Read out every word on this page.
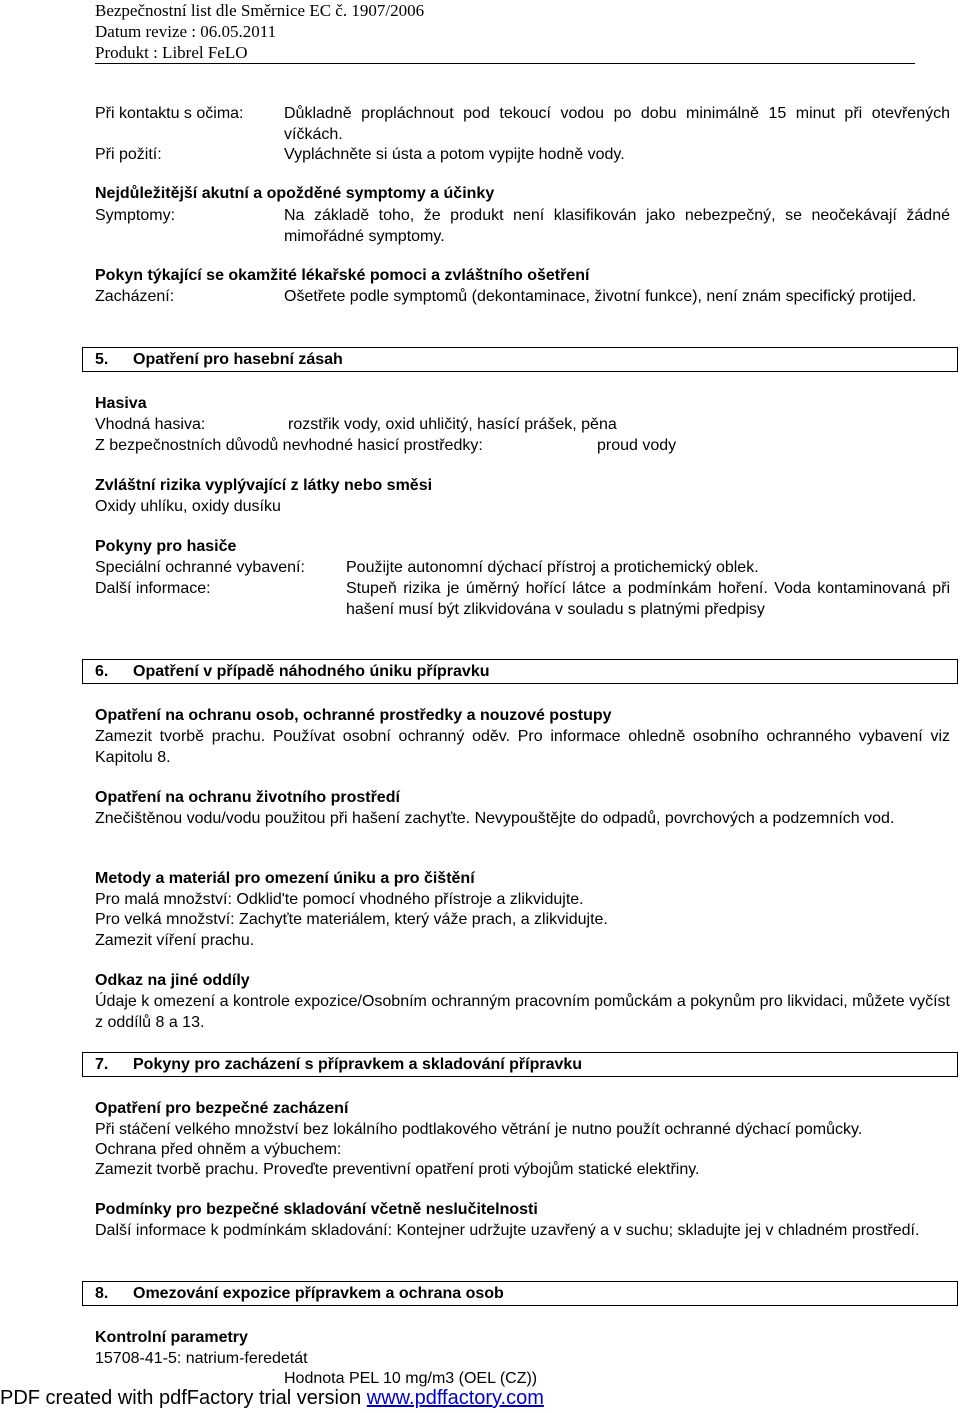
Bezpečnostní list dle Směrnice EC č. 1907/2006
Datum revize : 06.05.2011
Produkt : Librel FeLO
Při kontaktu s očima:	Důkladně propláchnout pod tekoucí vodou po dobu minimálně 15 minut při otevřených víčkách.
Při požití:	Vypláchněte si ústa a potom vypijte hodně vody.
Nejdůležitější akutní a opožděné symptomy a účinky
Symptomy:	Na základě toho, že produkt není klasifikován jako nebezpečný, se neočekávají žádné mimořádné symptomy.
Pokyn týkající se okamžité lékařské pomoci a zvláštního ošetření
Zacházení:	Ošetřete podle symptomů (dekontaminace, životní funkce), není znám specifický protijed.
5. Opatření pro hasební zásah
Hasiva
Vhodná hasiva:	rozstřik vody, oxid uhličitý, hasící prášek, pěna
Z bezpečnostních důvodů nevhodné hasicí prostředky:	proud vody
Zvláštní rizika vyplývající z látky nebo směsi
Oxidy uhlíku, oxidy dusíku
Pokyny pro hasiče
Speciální ochranné vybavení:	Použijte autonomní dýchací přístroj a protichemický oblek.
Další informace:	Stupeň rizika je úměrný hořící látce a podmínkám hoření. Voda kontaminovaná při hašení musí být zlikvidována v souladu s platnými předpisy
6. Opatření v případě náhodného úniku přípravku
Opatření na ochranu osob, ochranné prostředky a nouzové postupy
Zamezit tvorbě prachu. Používat osobní ochranný oděv. Pro informace ohledně osobního ochranného vybavení viz Kapitolu 8.
Opatření na ochranu životního prostředí
Znečištěnou vodu/vodu použitou při hašení zachyťte. Nevypouštějte do odpadů, povrchových a podzemních vod.
Metody a materiál pro omezení úniku a pro čištění
Pro malá množství: Odklid'te pomocí vhodného přístroje a zlikvidujte.
Pro velká množství: Zachyťte materiálem, který váže prach, a zlikvidujte.
Zamezit víření prachu.
Odkaz na jiné oddíly
Údaje k omezení a kontrole expozice/Osobním ochranným pracovním pomůckám a pokynům pro likvidaci, můžete vyčíst z oddílů 8 a 13.
7. Pokyny pro zacházení s přípravkem a skladování přípravku
Opatření pro bezpečné zacházení
Při stáčení velkého množství bez lokálního podtlakového větrání je nutno použít ochranné dýchací pomůcky.
Ochrana před ohněm a výbuchem:
Zamezit tvorbě prachu. Proveďte preventivní opatření proti výbojům statické elektřiny.
Podmínky pro bezpečné skladování včetně neslučitelnosti
Další informace k podmínkám skladování: Kontejner udržujte uzavřený a v suchu; skladujte jej v chladném prostředí.
8. Omezování expozice přípravkem a ochrana osob
Kontrolní parametry
15708-41-5: natrium-feredetát
Hodnota PEL 10 mg/m3 (OEL (CZ))
PDF created with pdfFactory trial version www.pdffactory.com
